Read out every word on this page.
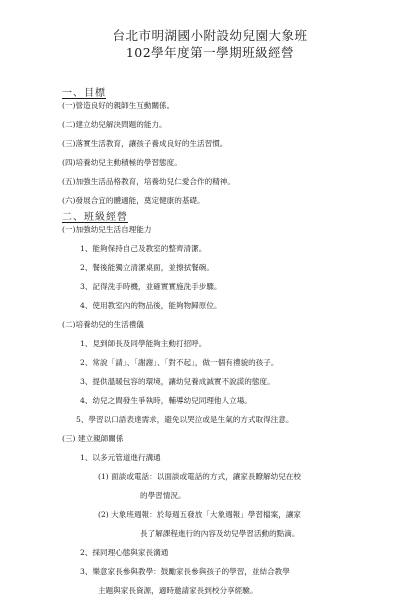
台北市明湖國小附設幼兒園大象班
102學年度第一學期班級經營
一、目標
(一)營造良好的親師生互動關係。
(二)建立幼兒解決問題的能力。
(三)落實生活教育，讓孩子養成良好的生活習慣。
(四)培養幼兒主動積極的學習態度。
(五)加強生活品格教育，培養幼兒仁愛合作的精神。
(六)發展合宜的體適能，奠定健康的基礎。
二、班級經營
(一)加強幼兒生活自理能力
1、能夠保持自己及教室的整齊清潔。
2、餐後能獨立清潔桌面，並擦拭餐碗。
3、記得洗手時機，並確實實施洗手步驟。
4、使用教室內的物品後，能夠物歸原位。
(二)培養幼兒的生活禮儀
1、見到師長及同學能夠主動打招呼。
2、常說「請」、「謝謝」、「對不起」，做一個有禮貌的孩子。
3、提供溫暖包容的環境，讓幼兒養成誠實不說謊的態度。
4、幼兒之間發生爭執時，輔導幼兒同理他人立場。
5、學習以口語表達需求，避免以哭泣或是生氣的方式取得注意。
(三) 建立親師關係
1、以多元管道進行溝通
(1) 面談或電話：以面談或電話的方式，讓家長瞭解幼兒在校
的學習情況。
(2) 大象班週報：於每週五發放「大象週報」學習檔案，讓家
長了解課程進行的內容及幼兒學習活動的點滴。
2、採同理心態與家長溝通
3、樂意家長參與教學：鼓勵家長參與孩子的學習，並結合教學
主題與家長資源，適時邀請家長到校分享經驗。
